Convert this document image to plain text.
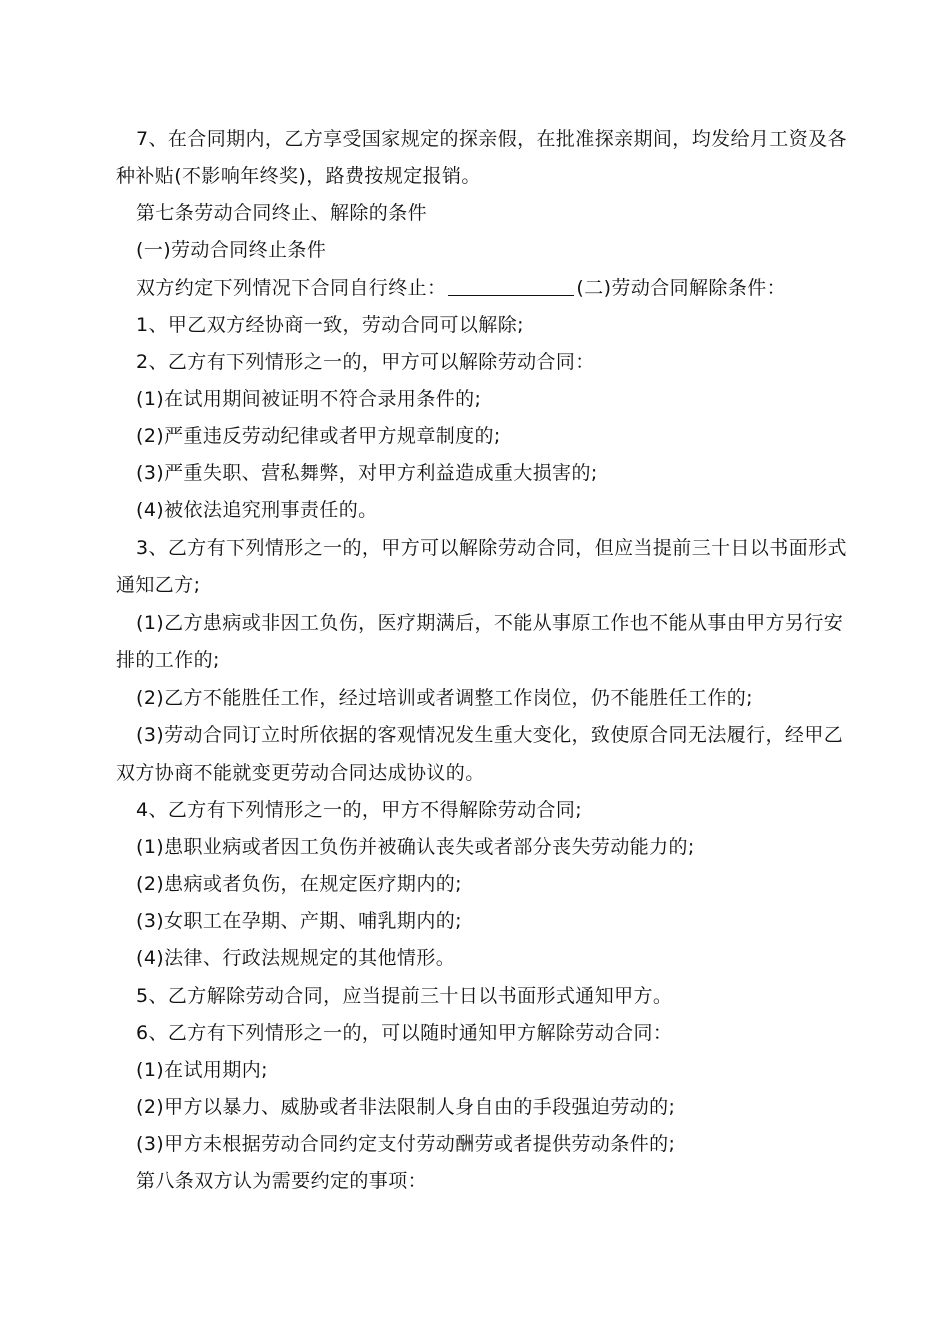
7、在合同期内，乙方享受国家规定的探亲假，在批准探亲期间，均发给月工资及各
种补贴(不影响年终奖)，路费按规定报销。
第七条劳动合同终止、解除的条件
(一)劳动合同终止条件
双方约定下列情况下合同自行终止：	(二)劳动合同解除条件：
1、甲乙双方经协商一致，劳动合同可以解除;
2、乙方有下列情形之一的，甲方可以解除劳动合同：
(1)在试用期间被证明不符合录用条件的;
(2)严重违反劳动纪律或者甲方规章制度的;
(3)严重失职、营私舞弊，对甲方利益造成重大损害的;
(4)被依法追究刑事责任的。
3、乙方有下列情形之一的，甲方可以解除劳动合同，但应当提前三十日以书面形式
通知乙方;
(1)乙方患病或非因工负伤，医疗期满后，不能从事原工作也不能从事由甲方另行安
排的工作的;
(2)乙方不能胜任工作，经过培训或者调整工作岗位，仍不能胜任工作的;
(3)劳动合同订立时所依据的客观情况发生重大变化，致使原合同无法履行，经甲乙
双方协商不能就变更劳动合同达成协议的。
4、乙方有下列情形之一的，甲方不得解除劳动合同;
(1)患职业病或者因工负伤并被确认丧失或者部分丧失劳动能力的;
(2)患病或者负伤，在规定医疗期内的;
(3)女职工在孕期、产期、哺乳期内的;
(4)法律、行政法规规定的其他情形。
5、乙方解除劳动合同，应当提前三十日以书面形式通知甲方。
6、乙方有下列情形之一的，可以随时通知甲方解除劳动合同：
(1)在试用期内;
(2)甲方以暴力、威胁或者非法限制人身自由的手段强迫劳动的;
(3)甲方未根据劳动合同约定支付劳动酬劳或者提供劳动条件的;
第八条双方认为需要约定的事项：
